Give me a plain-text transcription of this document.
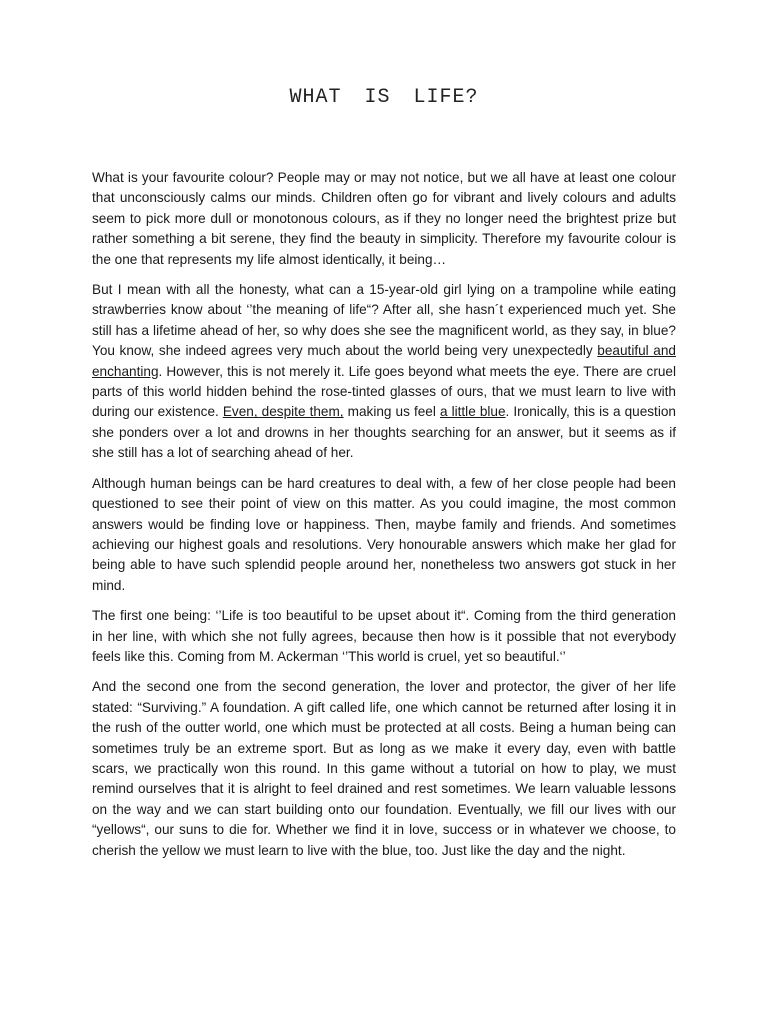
WHAT IS LIFE?

What is your favourite colour? People may or may not notice, but we all have at least one colour that unconsciously calms our minds. Children often go for vibrant and lively colours and adults seem to pick more dull or monotonous colours, as if they no longer need the brightest prize but rather something a bit serene, they find the beauty in simplicity. Therefore my favourite colour is the one that represents my life almost identically, it being…

But I mean with all the honesty, what can a 15-year-old girl lying on a trampoline while eating strawberries know about ‘’the meaning of life“? After all, she hasn´t experienced much yet. She still has a lifetime ahead of her, so why does she see the magnificent world, as they say, in blue? You know, she indeed agrees very much about the world being very unexpectedly beautiful and enchanting. However, this is not merely it. Life goes beyond what meets the eye. There are cruel parts of this world hidden behind the rose-tinted glasses of ours, that we must learn to live with during our existence. Even, despite them, making us feel a little blue. Ironically, this is a question she ponders over a lot and drowns in her thoughts searching for an answer, but it seems as if she still has a lot of searching ahead of her.

Although human beings can be hard creatures to deal with, a few of her close people had been questioned to see their point of view on this matter. As you could imagine, the most common answers would be finding love or happiness. Then, maybe family and friends. And sometimes achieving our highest goals and resolutions. Very honourable answers which make her glad for being able to have such splendid people around her, nonetheless two answers got stuck in her mind.

The first one being: ‘’Life is too beautiful to be upset about it“. Coming from the third generation in her line, with which she not fully agrees, because then how is it possible that not everybody feels like this. Coming from M. Ackerman ‘’This world is cruel, yet so beautiful.‘’

And the second one from the second generation, the lover and protector, the giver of her life stated: “Surviving.” A foundation. A gift called life, one which cannot be returned after losing it in the rush of the outter world, one which must be protected at all costs. Being a human being can sometimes truly be an extreme sport. But as long as we make it every day, even with battle scars, we practically won this round. In this game without a tutorial on how to play, we must remind ourselves that it is alright to feel drained and rest sometimes. We learn valuable lessons on the way and we can start building onto our foundation. Eventually, we fill our lives with our “yellows“, our suns to die for. Whether we find it in love, success or in whatever we choose, to cherish the yellow we must learn to live with the blue, too. Just like the day and the night.
